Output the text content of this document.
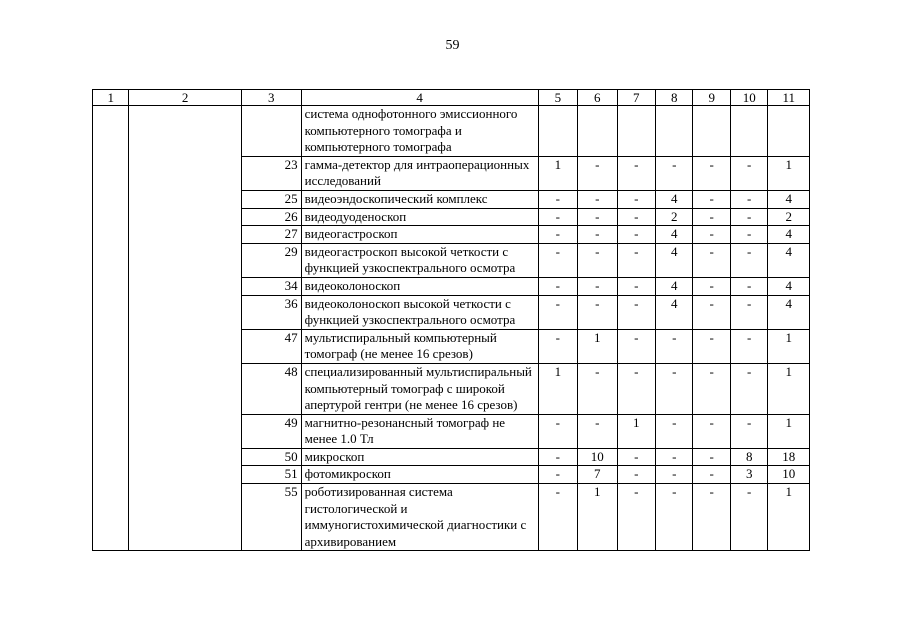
59
1	2	3	4	5	6	7	8	9	10	11
			система однофотонного эмиссионного компьютерного томографа и компьютерного томографа							
		23	гамма-детектор для интраоперационных исследований	1	-	-	-	-	-	1
		25	видеоэндоскопический комплекс	-	-	-	4	-	-	4
		26	видеодуоденоскоп	-	-	-	2	-	-	2
		27	видеогастроскоп	-	-	-	4	-	-	4
		29	видеогастроскоп высокой четкости с функцией узкоспектрального осмотра	-	-	-	4	-	-	4
		34	видеоколоноскоп	-	-	-	4	-	-	4
		36	видеоколоноскоп высокой четкости с функцией узкоспектрального осмотра	-	-	-	4	-	-	4
		47	мультиспиральный компьютерный томограф (не менее 16 срезов)	-	1	-	-	-	-	1
		48	специализированный мультиспиральный компьютерный томограф с широкой апертурой гентри (не менее 16 срезов)	1	-	-	-	-	-	1
		49	магнитно-резонансный томограф не менее 1.0 Тл	-	-	1	-	-	-	1
		50	микроскоп	-	10	-	-	-	8	18
		51	фотомикроскоп	-	7	-	-	-	3	10
		55	роботизированная система гистологической и иммуногистохимической диагностики с архивированием	-	1	-	-	-	-	1
